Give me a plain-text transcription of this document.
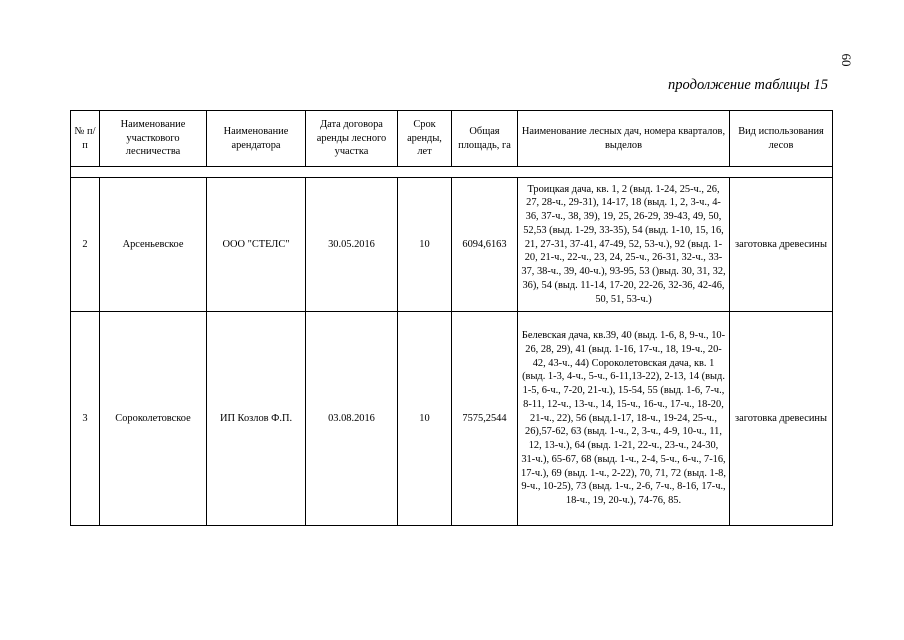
60
продолжение таблицы 15
№ п/п	Наименование участкового лесничества	Наименование арендатора	Дата договора аренды лесного участка	Срок аренды, лет	Общая площадь, га	Наименование лесных дач, номера кварталов, выделов	Вид использования лесов

2	Арсеньевское	ООО "СТЕЛС"	30.05.2016	10	6094,6163	Троицкая дача, кв. 1, 2 (выд. 1-24, 25-ч., 26, 27, 28-ч., 29-31), 14-17, 18 (выд. 1, 2, 3-ч., 4-36, 37-ч., 38, 39), 19, 25, 26-29, 39-43, 49, 50, 52,53 (выд. 1-29, 33-35), 54 (выд. 1-10, 15, 16, 21, 27-31, 37-41, 47-49, 52, 53-ч.), 92 (выд. 1-20, 21-ч., 22-ч., 23, 24, 25-ч., 26-31, 32-ч., 33-37, 38-ч., 39, 40-ч.), 93-95, 53 ()выд. 30, 31, 32, 36), 54 (выд. 11-14, 17-20, 22-26, 32-36, 42-46, 50, 51, 53-ч.)	заготовка древесины
3	Сороколетовское	ИП Козлов Ф.П.	03.08.2016	10	7575,2544	Белевская дача, кв.39, 40 (выд. 1-6, 8, 9-ч., 10-26, 28, 29), 41 (выд. 1-16, 17-ч., 18, 19-ч., 20-42, 43-ч., 44) Сороколетовская дача, кв. 1 (выд. 1-3, 4-ч., 5-ч., 6-11,13-22), 2-13, 14 (выд. 1-5, 6-ч., 7-20, 21-ч.), 15-54, 55 (выд. 1-6, 7-ч., 8-11, 12-ч., 13-ч., 14, 15-ч., 16-ч., 17-ч., 18-20, 21-ч., 22), 56 (выд.1-17, 18-ч., 19-24, 25-ч., 26),57-62, 63 (выд. 1-ч., 2, 3-ч., 4-9, 10-ч., 11, 12, 13-ч.), 64 (выд. 1-21, 22-ч., 23-ч., 24-30, 31-ч.), 65-67, 68 (выд. 1-ч., 2-4, 5-ч., 6-ч., 7-16, 17-ч.), 69 (выд. 1-ч., 2-22), 70, 71, 72 (выд. 1-8, 9-ч., 10-25), 73 (выд. 1-ч., 2-6, 7-ч., 8-16, 17-ч., 18-ч., 19, 20-ч.), 74-76, 85.	заготовка древесины
